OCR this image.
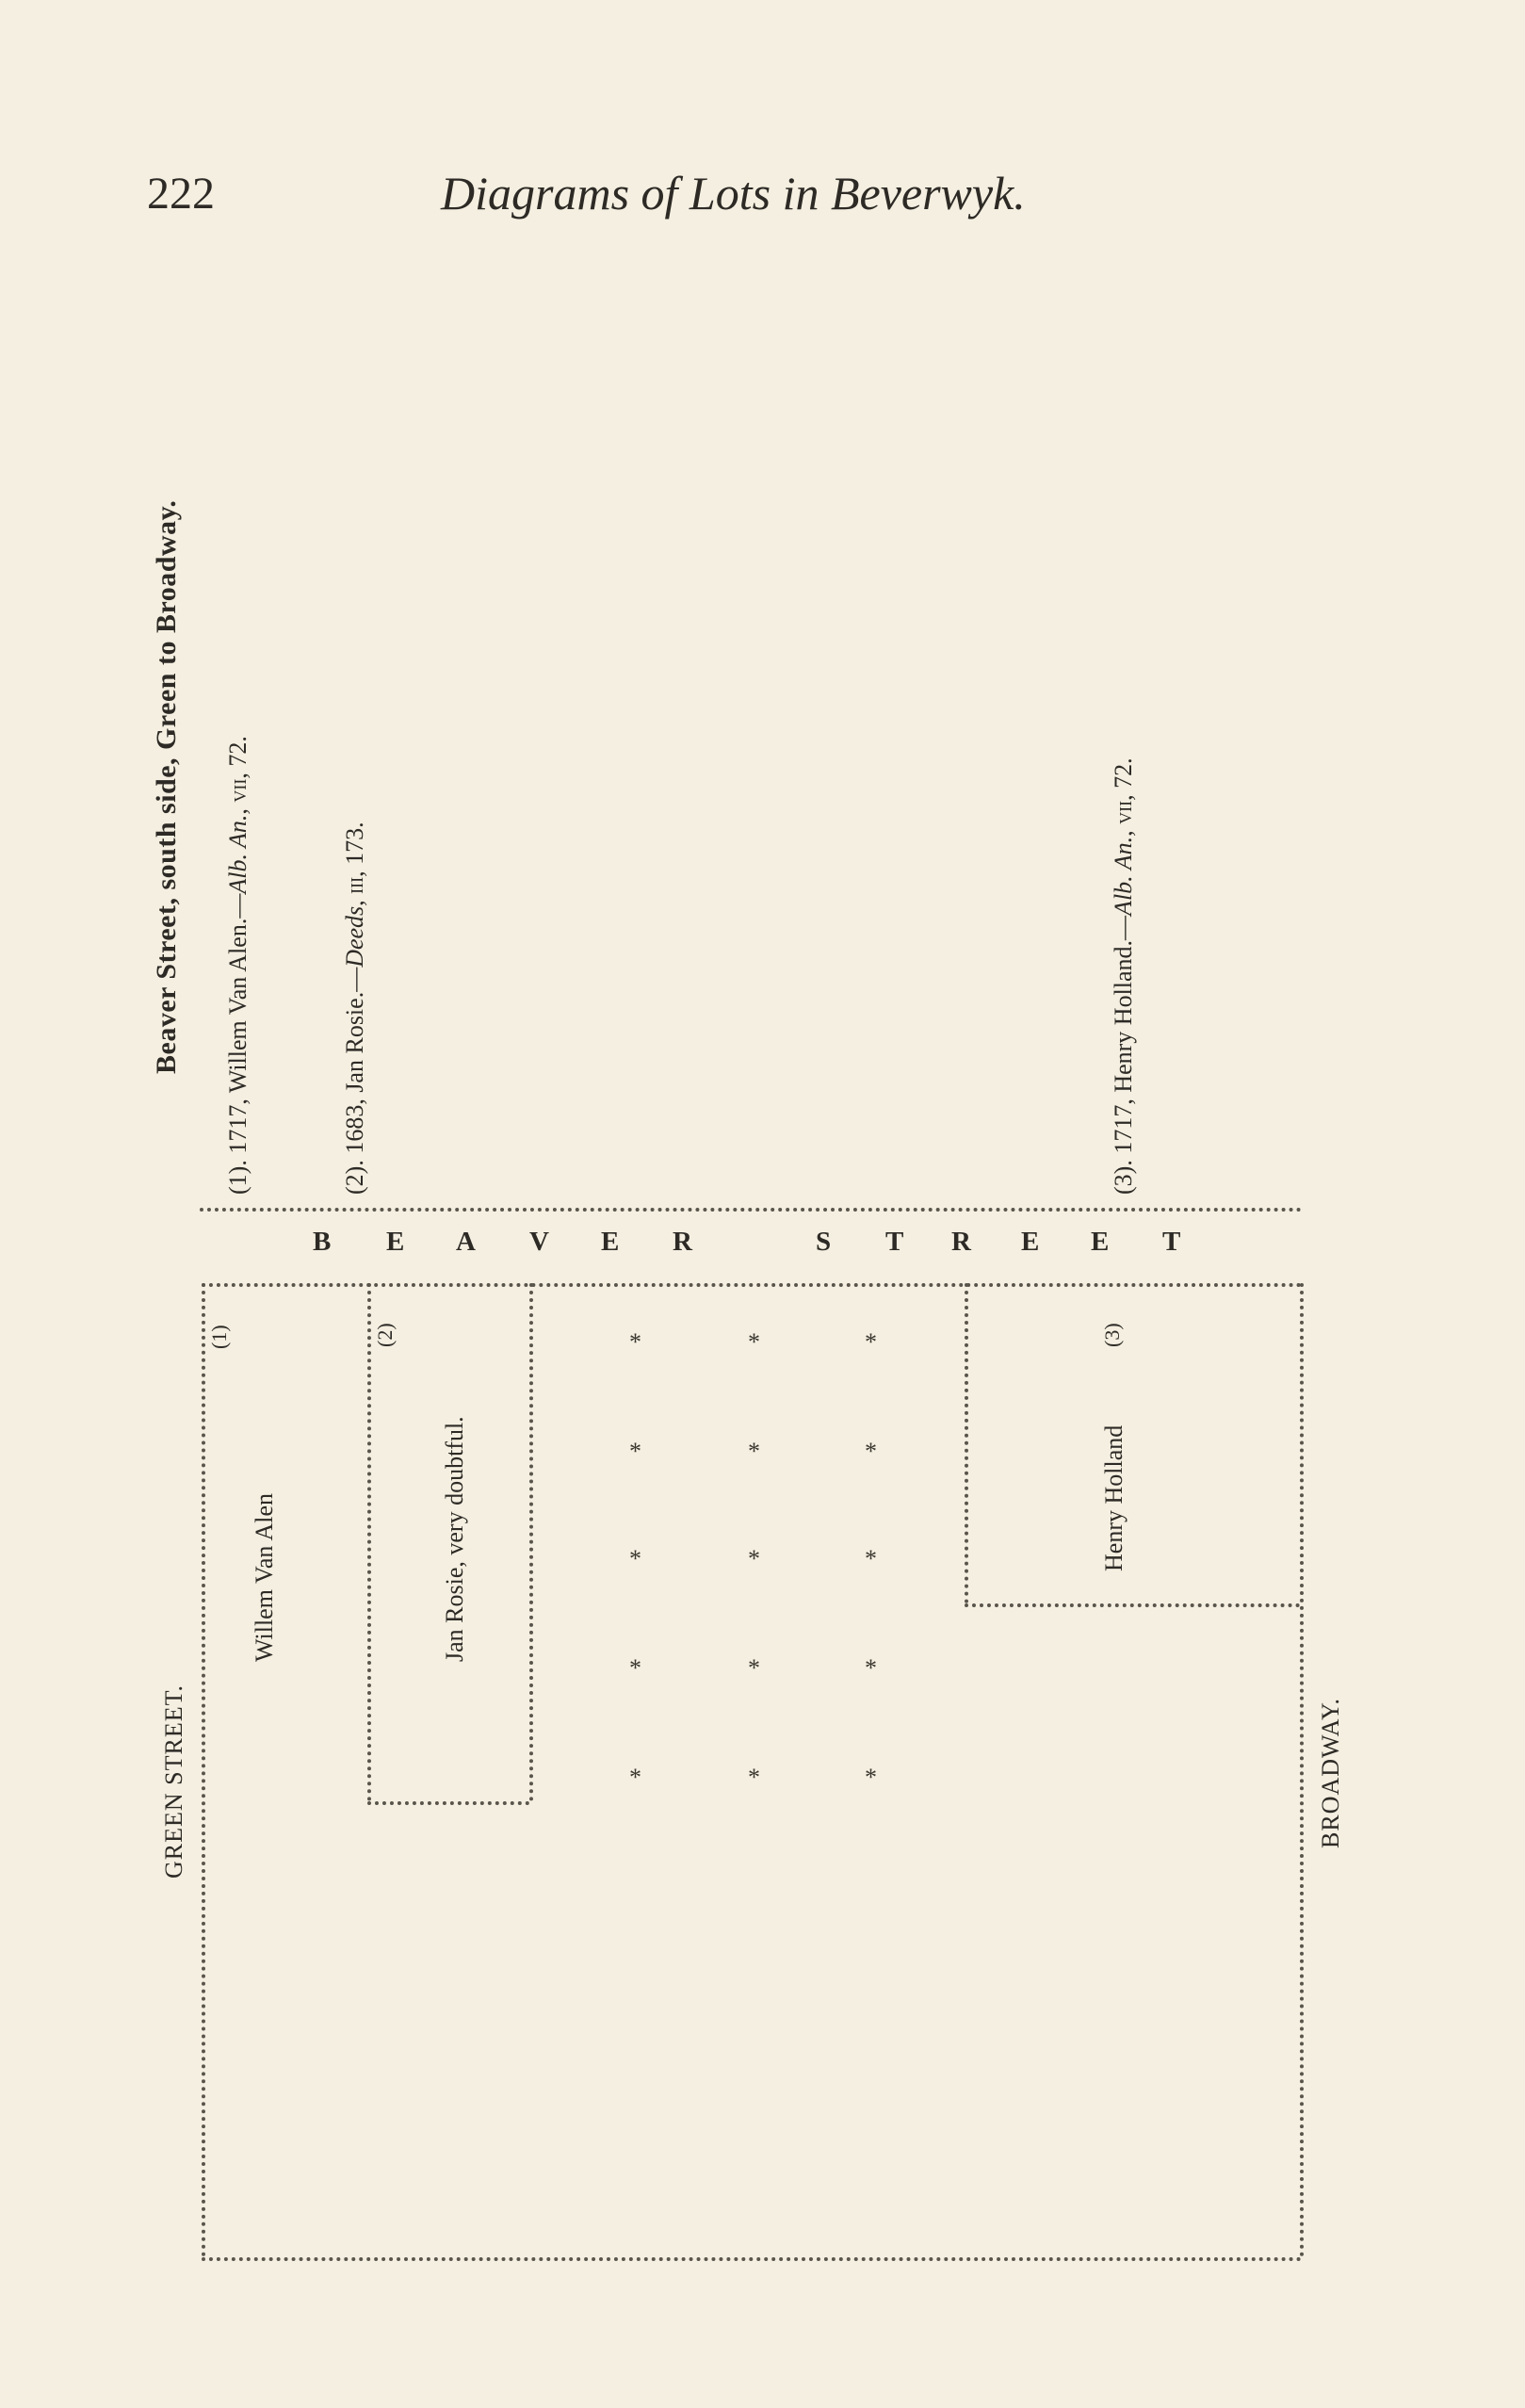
222	Diagrams of Lots in Beverwyk.
Beaver Street, south side, Green to Broadway. (1). 1717, Willem Van Alen.—Alb. An., vii, 72.
(2). 1683, Jan Rosie.—Deeds, iii, 173.
(3). 1717, Henry Holland.—Alb. An., vii, 72.
B E A V E R	S T R E E T
GREEN STREET.	BROADWAY.
(1)
Willem Van Alen
(2)
Jan Rosie, very doubtful.
(3)
Henry Holland
*	*	*
*	*	*
*	*	*
*	*	*
*	*	*
